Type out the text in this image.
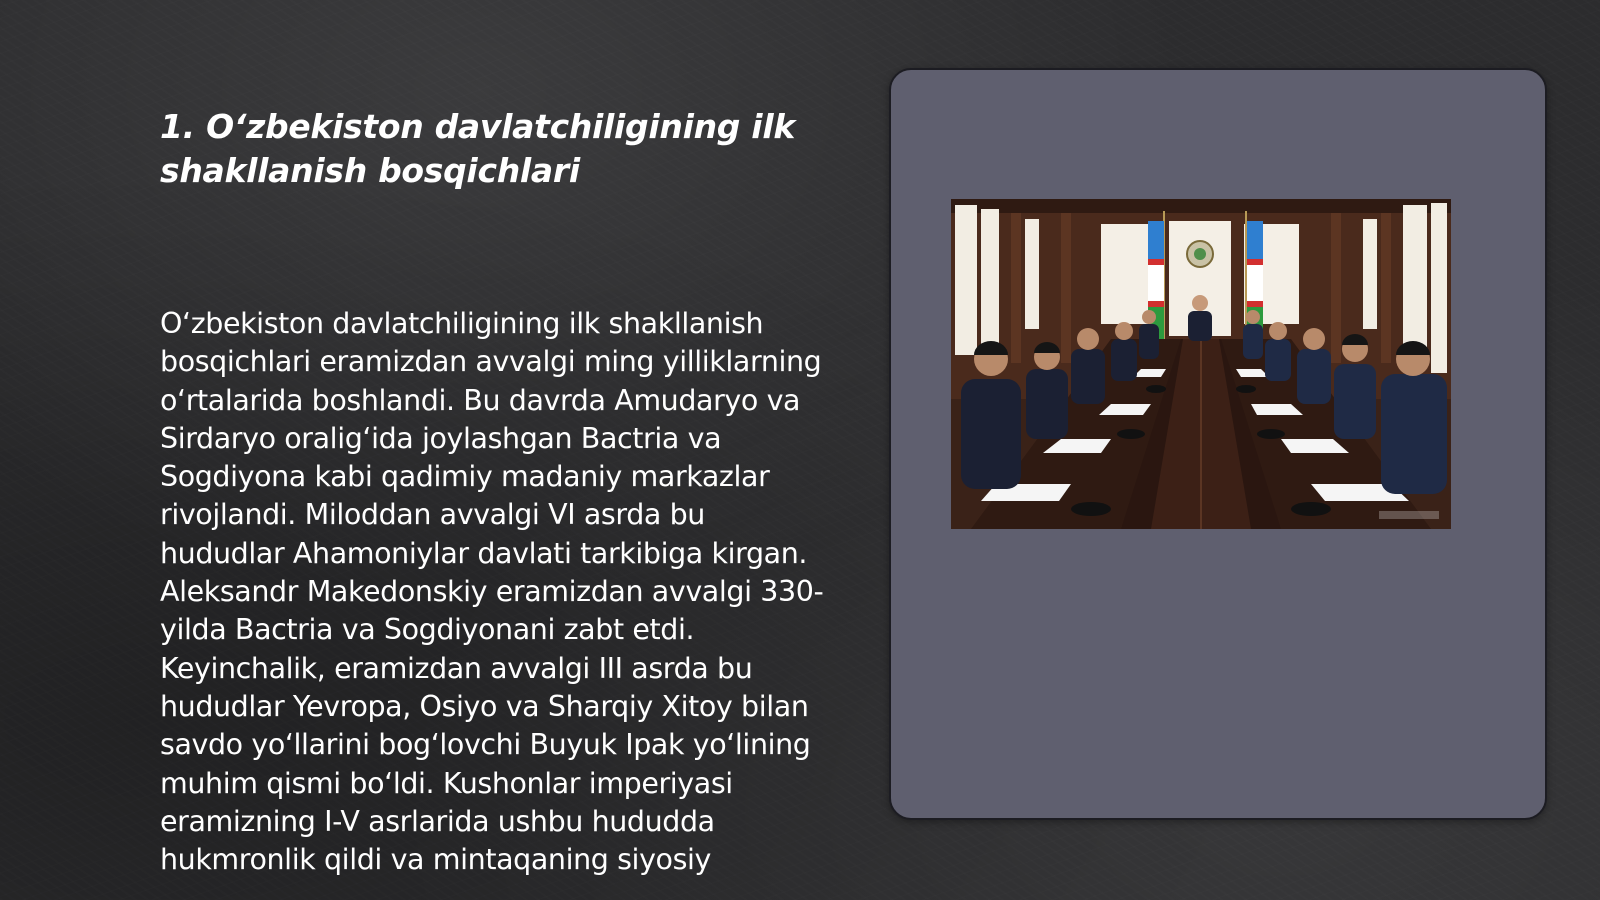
1. O‘zbekiston davlatchiligining ilk shakllanish bosqichlari

O‘zbekiston davlatchiligining ilk shakllanish bosqichlari eramizdan avvalgi ming yilliklarning o‘rtalarida boshlandi. Bu davrda Amudaryo va Sirdaryo oralig‘ida joylashgan Bactria va Sogdiyona kabi qadimiy madaniy markazlar rivojlandi. Miloddan avvalgi VI asrda bu hududlar Ahamoniylar davlati tarkibiga kirgan. Aleksandr Makedonskiy eramizdan avvalgi 330-yilda Bactria va Sogdiyonani zabt etdi. Keyinchalik, eramizdan avvalgi III asrda bu hududlar Yevropa, Osiyo va Sharqiy Xitoy bilan savdo yo‘llarini bog‘lovchi Buyuk Ipak yo‘lining muhim qismi bo‘ldi. Kushonlar imperiyasi eramizning I-V asrlarida ushbu hududda hukmronlik qildi va mintaqaning siyosiy
